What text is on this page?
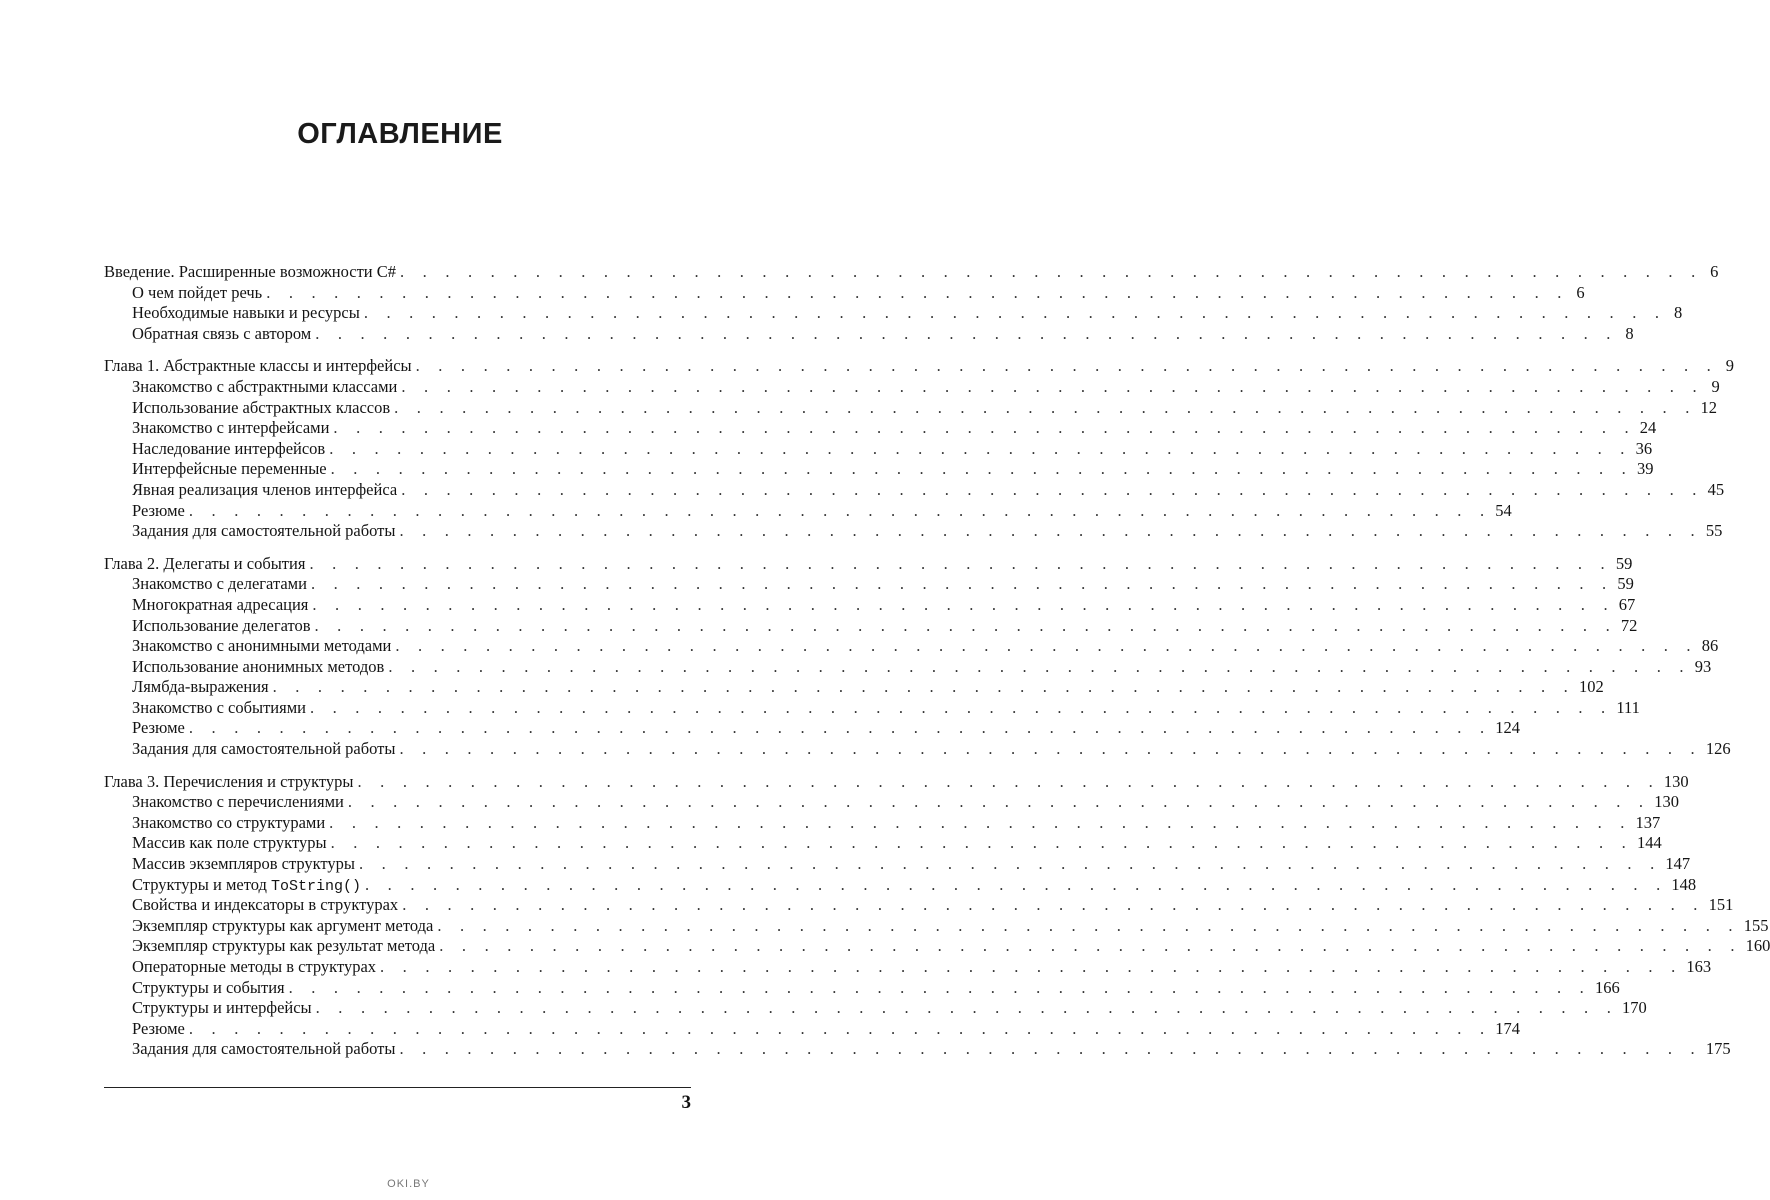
ОГЛАВЛЕНИЕ
Введение. Расширенные возможности C# . . . . . . . . . . . . . . . . . . . . . . . . . . . . . . . . . . . . . . . . . . . . . . . . . . . . . . . . . . 6
О чем пойдет речь . . . . . . . . . . . . . . . . . . . . . . . . . . . . . . . . . . . . . . . . . . . . . . . . . . . . . . . . . . 6
Необходимые навыки и ресурсы . . . . . . . . . . . . . . . . . . . . . . . . . . . . . . . . . . . . . . . . . . . . . . . . . . . . . . . . . . 8
Обратная связь с автором . . . . . . . . . . . . . . . . . . . . . . . . . . . . . . . . . . . . . . . . . . . . . . . . . . . . . . . . . . 8
Глава 1. Абстрактные классы и интерфейсы . . . . . . . . . . . . . . . . . . . . . . . . . . . . . . . . . . . . . . . . . . . . . . . . . . . . . . . . . . 9
Знакомство с абстрактными классами . . . . . . . . . . . . . . . . . . . . . . . . . . . . . . . . . . . . . . . . . . . . . . . . . . . . . . . . . . 9
Использование абстрактных классов . . . . . . . . . . . . . . . . . . . . . . . . . . . . . . . . . . . . . . . . . . . . . . . . . . . . . . . . . . 12
Знакомство с интерфейсами . . . . . . . . . . . . . . . . . . . . . . . . . . . . . . . . . . . . . . . . . . . . . . . . . . . . . . . . . . 24
Наследование интерфейсов . . . . . . . . . . . . . . . . . . . . . . . . . . . . . . . . . . . . . . . . . . . . . . . . . . . . . . . . . . 36
Интерфейсные переменные . . . . . . . . . . . . . . . . . . . . . . . . . . . . . . . . . . . . . . . . . . . . . . . . . . . . . . . . . . 39
Явная реализация членов интерфейса . . . . . . . . . . . . . . . . . . . . . . . . . . . . . . . . . . . . . . . . . . . . . . . . . . . . . . . . . . 45
Резюме . . . . . . . . . . . . . . . . . . . . . . . . . . . . . . . . . . . . . . . . . . . . . . . . . . . . . . . . . . 54
Задания для самостоятельной работы . . . . . . . . . . . . . . . . . . . . . . . . . . . . . . . . . . . . . . . . . . . . . . . . . . . . . . . . . . 55
Глава 2. Делегаты и события . . . . . . . . . . . . . . . . . . . . . . . . . . . . . . . . . . . . . . . . . . . . . . . . . . . . . . . . . . 59
Знакомство с делегатами . . . . . . . . . . . . . . . . . . . . . . . . . . . . . . . . . . . . . . . . . . . . . . . . . . . . . . . . . . 59
Многократная адресация . . . . . . . . . . . . . . . . . . . . . . . . . . . . . . . . . . . . . . . . . . . . . . . . . . . . . . . . . . 67
Использование делегатов . . . . . . . . . . . . . . . . . . . . . . . . . . . . . . . . . . . . . . . . . . . . . . . . . . . . . . . . . . 72
Знакомство с анонимными методами . . . . . . . . . . . . . . . . . . . . . . . . . . . . . . . . . . . . . . . . . . . . . . . . . . . . . . . . . . 86
Использование анонимных методов . . . . . . . . . . . . . . . . . . . . . . . . . . . . . . . . . . . . . . . . . . . . . . . . . . . . . . . . . . 93
Лямбда-выражения . . . . . . . . . . . . . . . . . . . . . . . . . . . . . . . . . . . . . . . . . . . . . . . . . . . . . . . . . . 102
Знакомство с событиями . . . . . . . . . . . . . . . . . . . . . . . . . . . . . . . . . . . . . . . . . . . . . . . . . . . . . . . . . . 111
Резюме . . . . . . . . . . . . . . . . . . . . . . . . . . . . . . . . . . . . . . . . . . . . . . . . . . . . . . . . . . 124
Задания для самостоятельной работы . . . . . . . . . . . . . . . . . . . . . . . . . . . . . . . . . . . . . . . . . . . . . . . . . . . . . . . . . . 126
Глава 3. Перечисления и структуры . . . . . . . . . . . . . . . . . . . . . . . . . . . . . . . . . . . . . . . . . . . . . . . . . . . . . . . . . . 130
Знакомство с перечислениями . . . . . . . . . . . . . . . . . . . . . . . . . . . . . . . . . . . . . . . . . . . . . . . . . . . . . . . . . . 130
Знакомство со структурами . . . . . . . . . . . . . . . . . . . . . . . . . . . . . . . . . . . . . . . . . . . . . . . . . . . . . . . . . . 137
Массив как поле структуры . . . . . . . . . . . . . . . . . . . . . . . . . . . . . . . . . . . . . . . . . . . . . . . . . . . . . . . . . . 144
Массив экземпляров структуры . . . . . . . . . . . . . . . . . . . . . . . . . . . . . . . . . . . . . . . . . . . . . . . . . . . . . . . . . . 147
Структуры и метод ToString() . . . . . . . . . . . . . . . . . . . . . . . . . . . . . . . . . . . . . . . . . . . . . . . . . . . . . . . . . . 148
Свойства и индексаторы в структурах . . . . . . . . . . . . . . . . . . . . . . . . . . . . . . . . . . . . . . . . . . . . . . . . . . . . . . . . . . 151
Экземпляр структуры как аргумент метода . . . . . . . . . . . . . . . . . . . . . . . . . . . . . . . . . . . . . . . . . . . . . . . . . . . . . . . . . . 155
Экземпляр структуры как результат метода . . . . . . . . . . . . . . . . . . . . . . . . . . . . . . . . . . . . . . . . . . . . . . . . . . . . . . . . . . 160
Операторные методы в структурах . . . . . . . . . . . . . . . . . . . . . . . . . . . . . . . . . . . . . . . . . . . . . . . . . . . . . . . . . . 163
Структуры и события . . . . . . . . . . . . . . . . . . . . . . . . . . . . . . . . . . . . . . . . . . . . . . . . . . . . . . . . . . 166
Структуры и интерфейсы . . . . . . . . . . . . . . . . . . . . . . . . . . . . . . . . . . . . . . . . . . . . . . . . . . . . . . . . . . 170
Резюме . . . . . . . . . . . . . . . . . . . . . . . . . . . . . . . . . . . . . . . . . . . . . . . . . . . . . . . . . . 174
Задания для самостоятельной работы . . . . . . . . . . . . . . . . . . . . . . . . . . . . . . . . . . . . . . . . . . . . . . . . . . . . . . . . . . 175
3
OKI.BY
